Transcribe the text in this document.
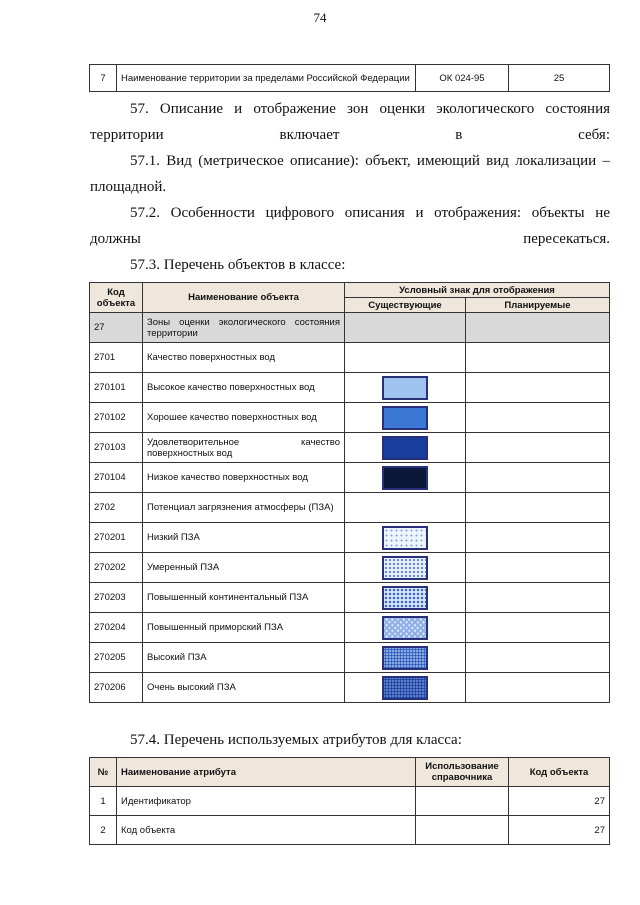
74
7	Наименование территории за пределами Российской Федерации	ОК 024-95	25
57. Описание и отображение зон оценки экологического состояния территории включает в себя:
57.1. Вид (метрическое описание): объект, имеющий вид локализации – площадной.
57.2. Особенности цифрового описания и отображения: объекты не должны пересекаться.
57.3. Перечень объектов в классе:
Код объекта	Наименование объекта	Условный знак для отображения	
		Существующие	Планируемые
27	Зоны оценки экологического состояния территории		
2701	Качество поверхностных вод		
270101	Высокое качество поверхностных вод	

270102	Хорошее качество поверхностных вод	

270103	Удовлетворительное качество поверхностных вод	

270104	Низкое качество поверхностных вод	

2702	Потенциал загрязнения атмосферы (ПЗА)		
270201	Низкий ПЗА	

270202	Умеренный ПЗА	

270203	Повышенный континентальный ПЗА	

270204	Повышенный приморский ПЗА	

270205	Высокий ПЗА	

270206	Очень высокий ПЗА	

57.4. Перечень используемых атрибутов для класса:
№	Наименование атрибута	Использование справочника	Код объекта
1	Идентификатор		27
2	Код объекта		27
